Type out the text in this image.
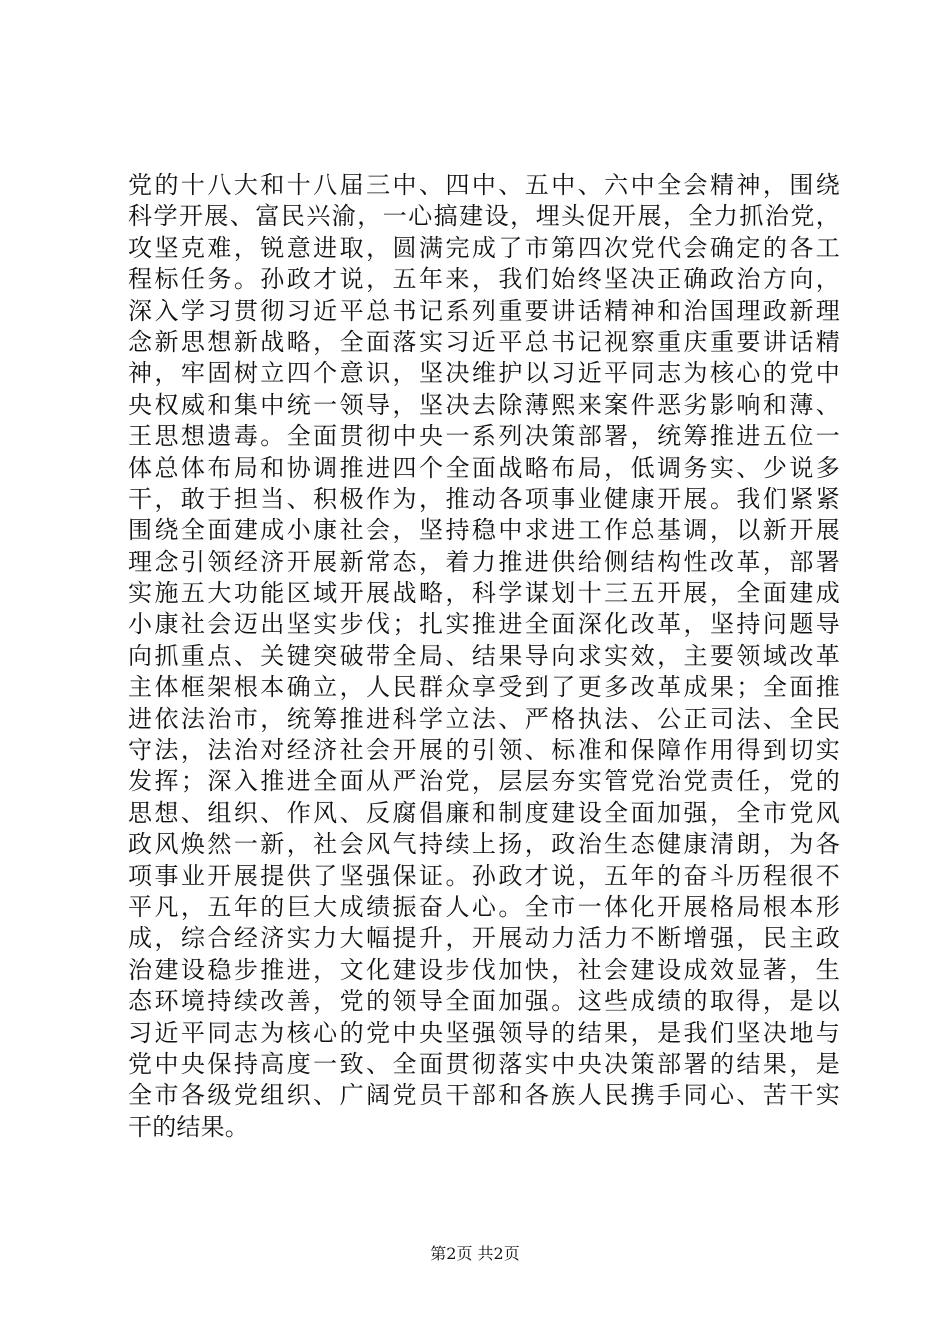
党的十八大和十八届三中、四中、五中、六中全会精神，围绕
科学开展、富民兴渝，一心搞建设，埋头促开展，全力抓治党，
攻坚克难，锐意进取，圆满完成了市第四次党代会确定的各工
程标任务。孙政才说，五年来，我们始终坚决正确政治方向，
深入学习贯彻习近平总书记系列重要讲话精神和治国理政新理
念新思想新战略，全面落实习近平总书记视察重庆重要讲话精
神，牢固树立四个意识，坚决维护以习近平同志为核心的党中
央权威和集中统一领导，坚决去除薄熙来案件恶劣影响和薄、
王思想遗毒。全面贯彻中央一系列决策部署，统筹推进五位一
体总体布局和协调推进四个全面战略布局，低调务实、少说多
干，敢于担当、积极作为，推动各项事业健康开展。我们紧紧
围绕全面建成小康社会，坚持稳中求进工作总基调，以新开展
理念引领经济开展新常态，着力推进供给侧结构性改革，部署
实施五大功能区域开展战略，科学谋划十三五开展，全面建成
小康社会迈出坚实步伐；扎实推进全面深化改革，坚持问题导
向抓重点、关键突破带全局、结果导向求实效，主要领域改革
主体框架根本确立，人民群众享受到了更多改革成果；全面推
进依法治市，统筹推进科学立法、严格执法、公正司法、全民
守法，法治对经济社会开展的引领、标准和保障作用得到切实
发挥；深入推进全面从严治党，层层夯实管党治党责任，党的
思想、组织、作风、反腐倡廉和制度建设全面加强，全市党风
政风焕然一新，社会风气持续上扬，政治生态健康清朗，为各
项事业开展提供了坚强保证。孙政才说，五年的奋斗历程很不
平凡，五年的巨大成绩振奋人心。全市一体化开展格局根本形
成，综合经济实力大幅提升，开展动力活力不断增强，民主政
治建设稳步推进，文化建设步伐加快，社会建设成效显著，生
态环境持续改善，党的领导全面加强。这些成绩的取得，是以
习近平同志为核心的党中央坚强领导的结果，是我们坚决地与
党中央保持高度一致、全面贯彻落实中央决策部署的结果，是
全市各级党组织、广阔党员干部和各族人民携手同心、苦干实
干的结果。
第2页 共2页
